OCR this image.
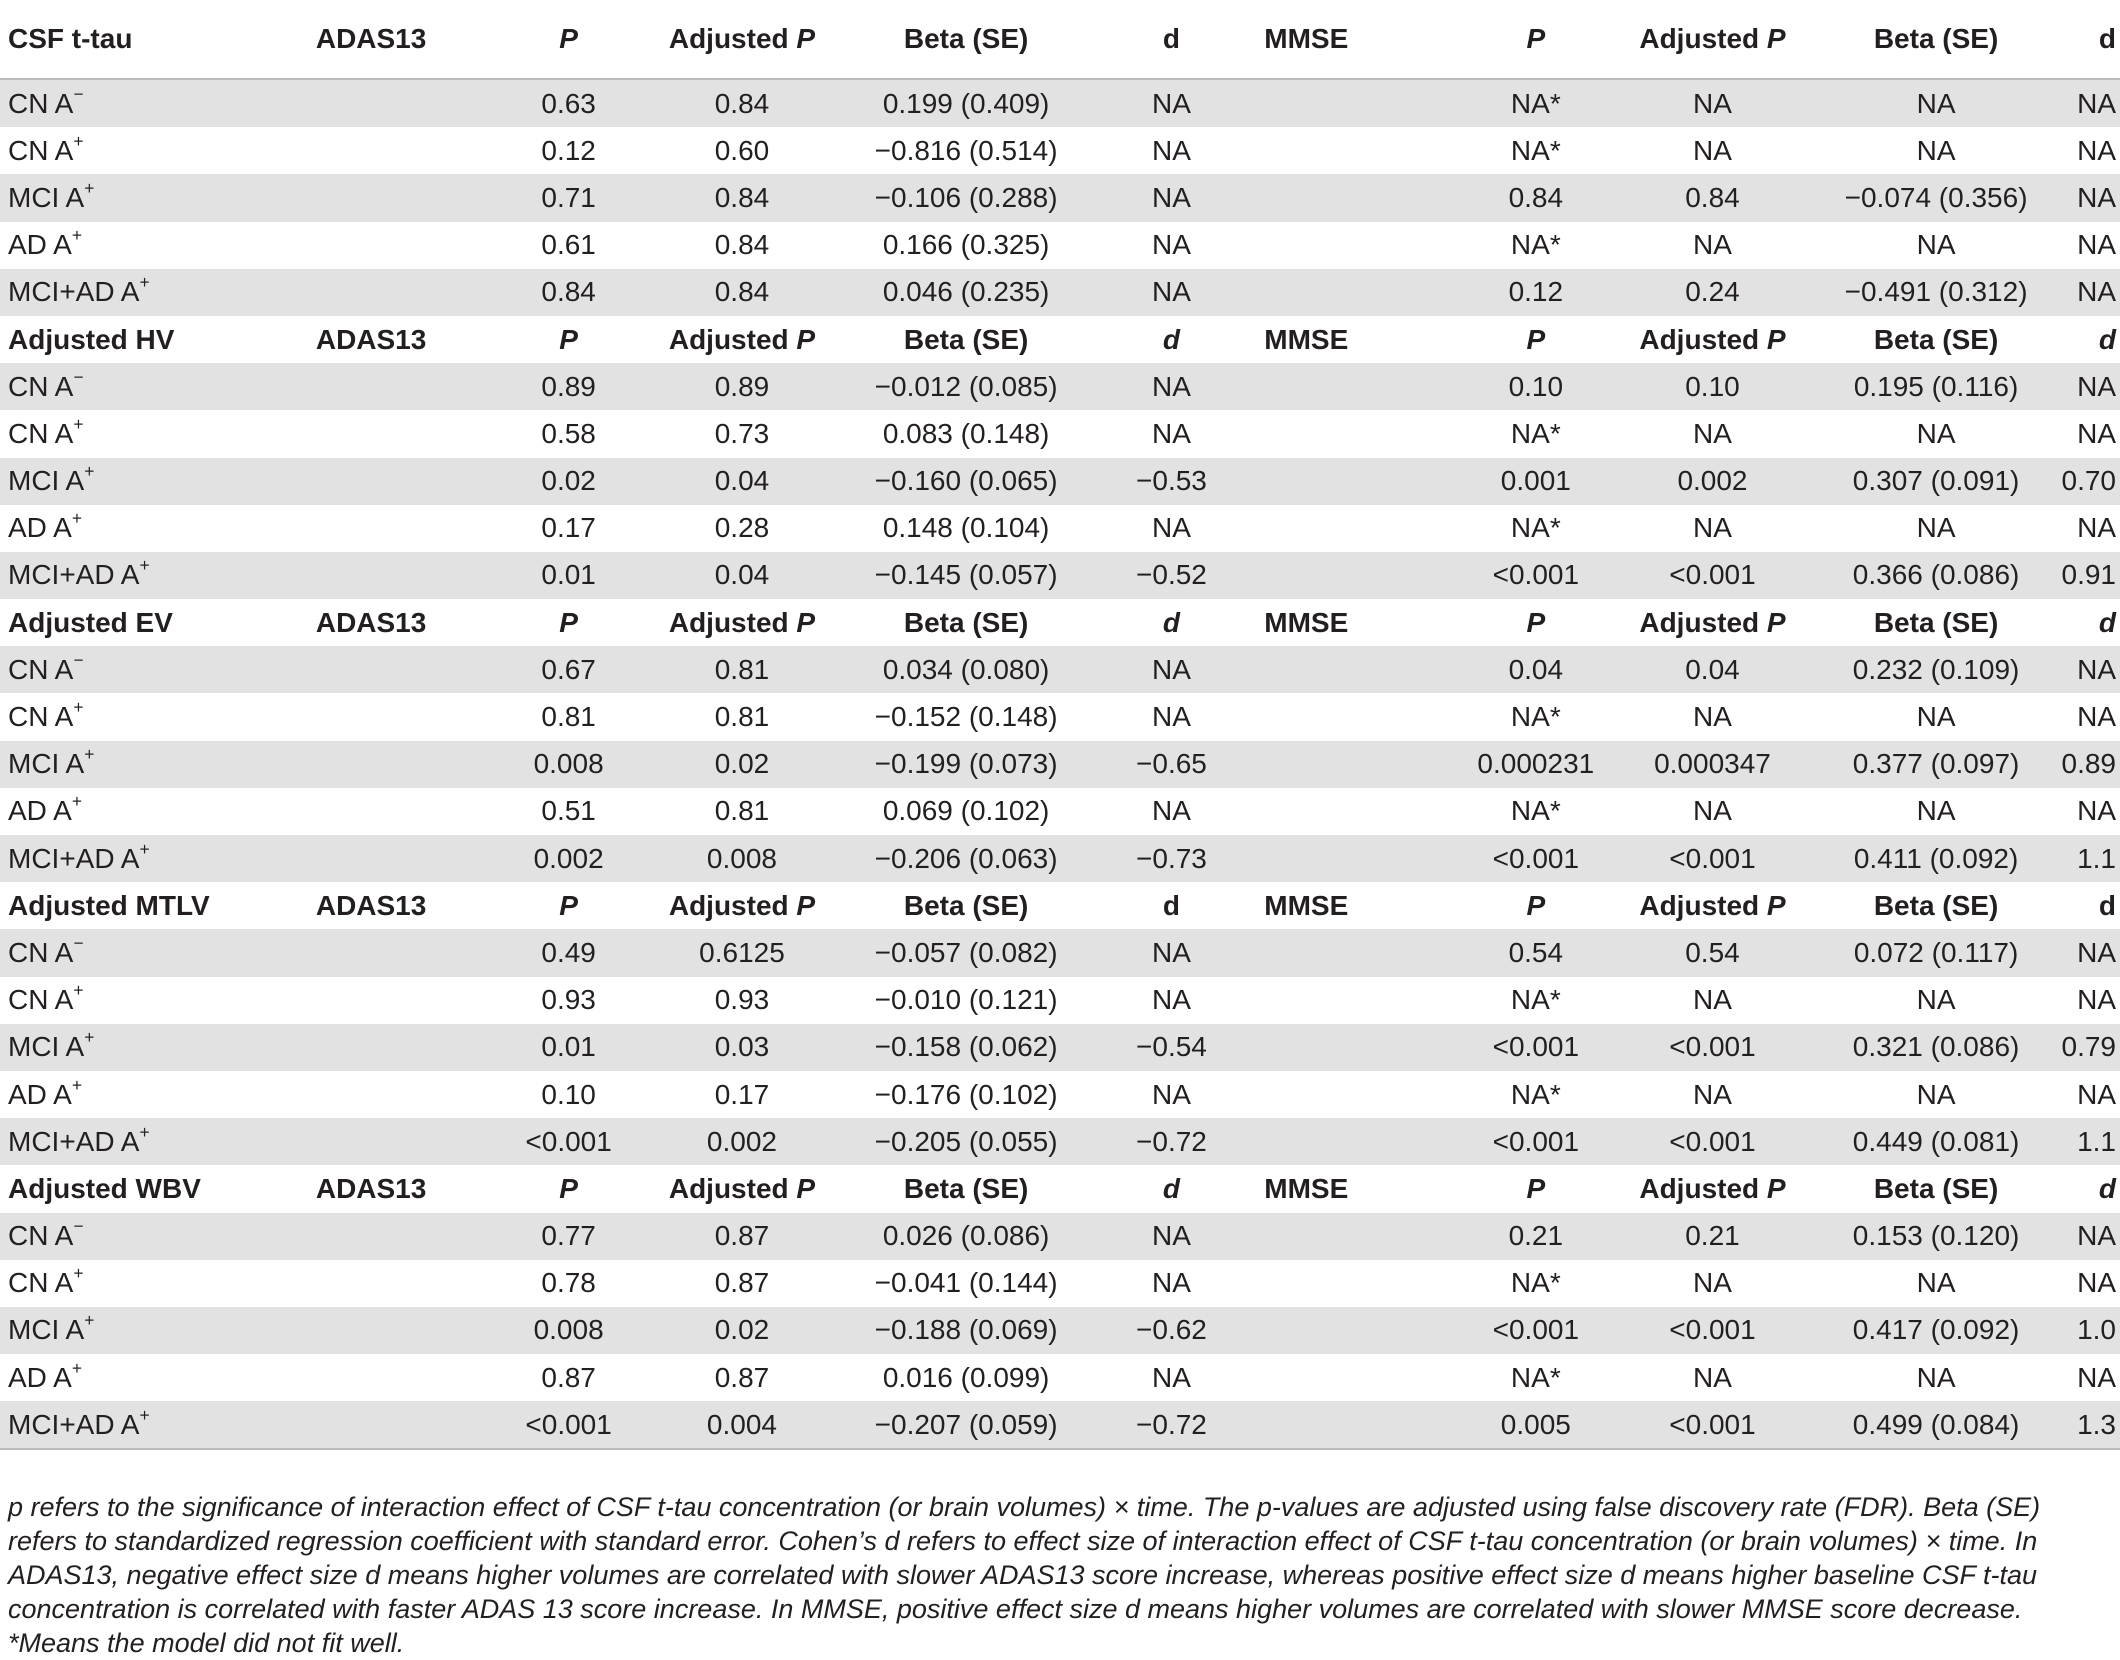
CSF t-tau	ADAS13	P	Adjusted P	Beta (SE)	d	MMSE	P	Adjusted P	Beta (SE)	d
CN A−		0.63	0.84	0.199 (0.409)	NA		NA*	NA	NA	NA
CN A+		0.12	0.60	−0.816 (0.514)	NA		NA*	NA	NA	NA
MCI A+		0.71	0.84	−0.106 (0.288)	NA		0.84	0.84	−0.074 (0.356)	NA
AD A+		0.61	0.84	0.166 (0.325)	NA		NA*	NA	NA	NA
MCI+AD A+		0.84	0.84	0.046 (0.235)	NA		0.12	0.24	−0.491 (0.312)	NA
Adjusted HV	ADAS13	P	Adjusted P	Beta (SE)	d	MMSE	P	Adjusted P	Beta (SE)	d
CN A−		0.89	0.89	−0.012 (0.085)	NA		0.10	0.10	0.195 (0.116)	NA
CN A+		0.58	0.73	0.083 (0.148)	NA		NA*	NA	NA	NA
MCI A+		0.02	0.04	−0.160 (0.065)	−0.53		0.001	0.002	0.307 (0.091)	0.70
AD A+		0.17	0.28	0.148 (0.104)	NA		NA*	NA	NA	NA
MCI+AD A+		0.01	0.04	−0.145 (0.057)	−0.52		<0.001	<0.001	0.366 (0.086)	0.91
Adjusted EV	ADAS13	P	Adjusted P	Beta (SE)	d	MMSE	P	Adjusted P	Beta (SE)	d
CN A−		0.67	0.81	0.034 (0.080)	NA		0.04	0.04	0.232 (0.109)	NA
CN A+		0.81	0.81	−0.152 (0.148)	NA		NA*	NA	NA	NA
MCI A+		0.008	0.02	−0.199 (0.073)	−0.65		0.000231	0.000347	0.377 (0.097)	0.89
AD A+		0.51	0.81	0.069 (0.102)	NA		NA*	NA	NA	NA
MCI+AD A+		0.002	0.008	−0.206 (0.063)	−0.73		<0.001	<0.001	0.411 (0.092)	1.1
Adjusted MTLV	ADAS13	P	Adjusted P	Beta (SE)	d	MMSE	P	Adjusted P	Beta (SE)	d
CN A−		0.49	0.6125	−0.057 (0.082)	NA		0.54	0.54	0.072 (0.117)	NA
CN A+		0.93	0.93	−0.010 (0.121)	NA		NA*	NA	NA	NA
MCI A+		0.01	0.03	−0.158 (0.062)	−0.54		<0.001	<0.001	0.321 (0.086)	0.79
AD A+		0.10	0.17	−0.176 (0.102)	NA		NA*	NA	NA	NA
MCI+AD A+		<0.001	0.002	−0.205 (0.055)	−0.72		<0.001	<0.001	0.449 (0.081)	1.1
Adjusted WBV	ADAS13	P	Adjusted P	Beta (SE)	d	MMSE	P	Adjusted P	Beta (SE)	d
CN A−		0.77	0.87	0.026 (0.086)	NA		0.21	0.21	0.153 (0.120)	NA
CN A+		0.78	0.87	−0.041 (0.144)	NA		NA*	NA	NA	NA
MCI A+		0.008	0.02	−0.188 (0.069)	−0.62		<0.001	<0.001	0.417 (0.092)	1.0
AD A+		0.87	0.87	0.016 (0.099)	NA		NA*	NA	NA	NA
MCI+AD A+		<0.001	0.004	−0.207 (0.059)	−0.72		0.005	<0.001	0.499 (0.084)	1.3
p refers to the significance of interaction effect of CSF t-tau concentration (or brain volumes) × time. The p-values are adjusted using false discovery rate (FDR). Beta (SE) refers to standardized regression coefficient with standard error. Cohen’s d refers to effect size of interaction effect of CSF t-tau concentration (or brain volumes) × time. In ADAS13, negative effect size d means higher volumes are correlated with slower ADAS13 score increase, whereas positive effect size d means higher baseline CSF t-tau concentration is correlated with faster ADAS 13 score increase. In MMSE, positive effect size d means higher volumes are correlated with slower MMSE score decrease.
*Means the model did not fit well.
